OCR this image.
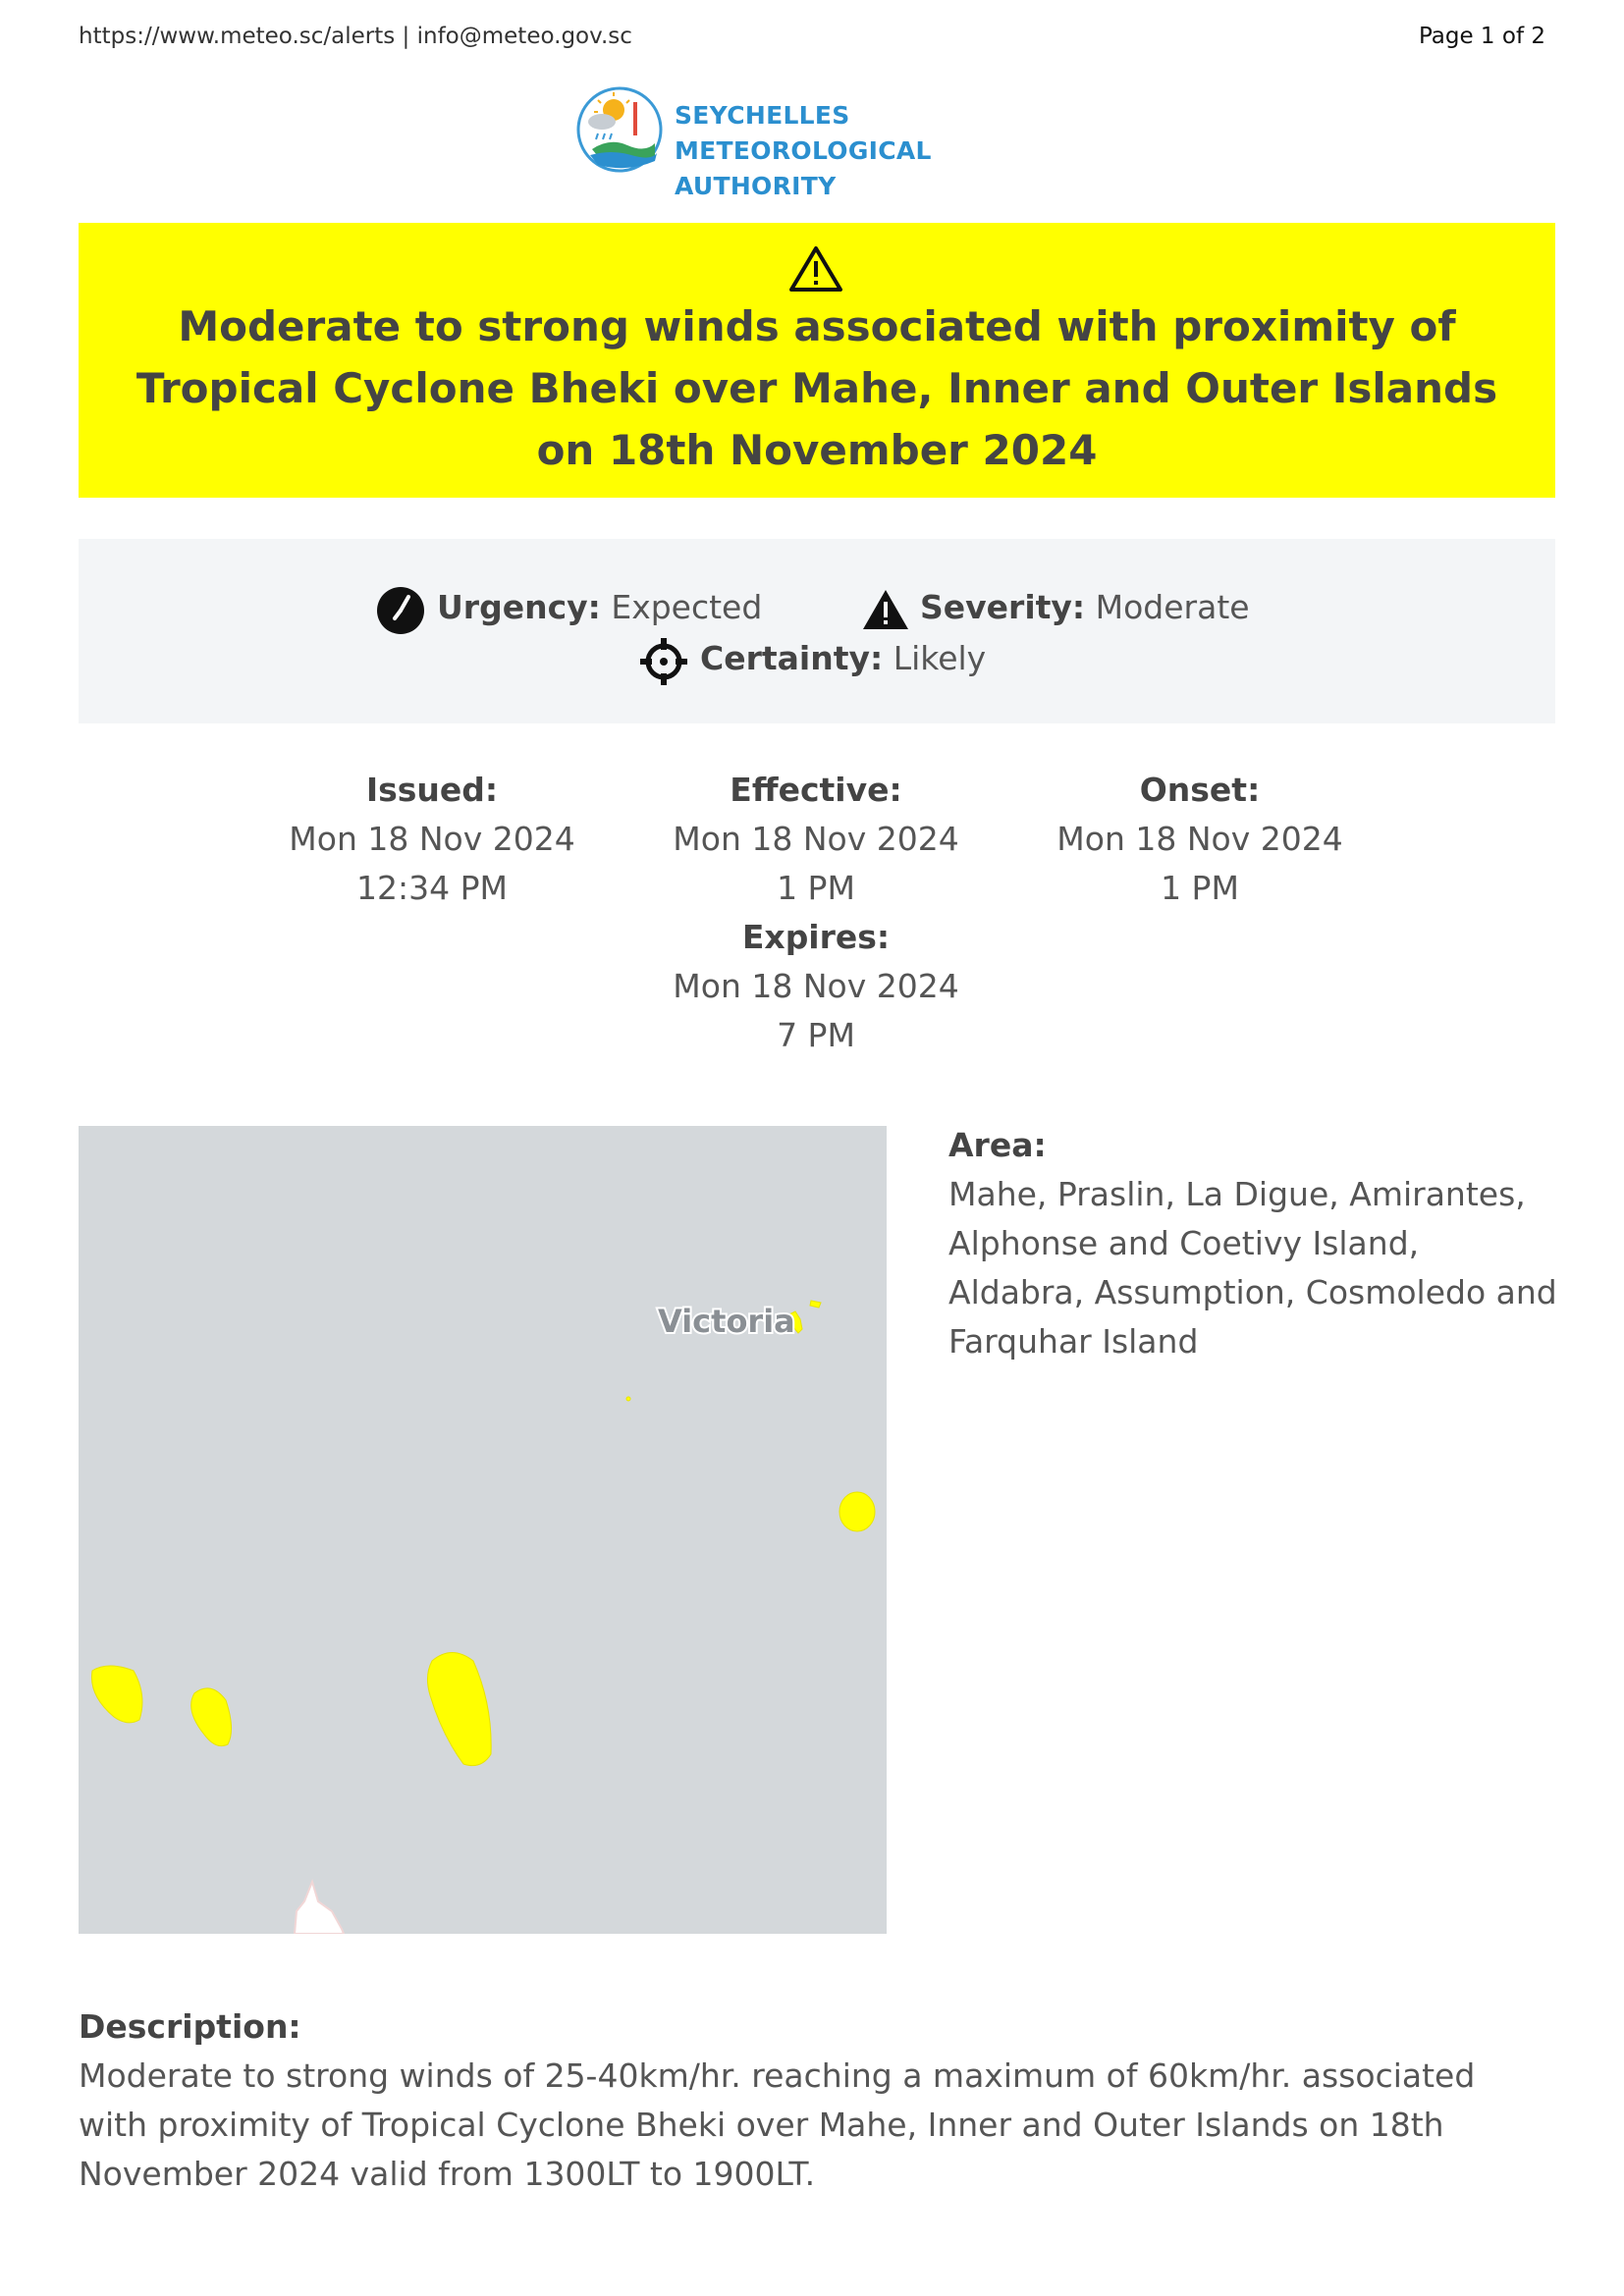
https://www.meteo.sc/alerts | info@meteo.gov.sc	Page 1 of 2
SEYCHELLES METEOROLOGICAL
AUTHORITY
Moderate to strong winds associated with proximity of Tropical Cyclone Bheki over Mahe, Inner and Outer Islands on 18th November 2024
Urgency: Expected	Severity: Moderate
Certainty: Likely
Issued:
Mon 18 Nov 2024
12:34 PM
Effective:
Mon 18 Nov 2024
1 PM
Expires:
Mon 18 Nov 2024
7 PM
Onset:
Mon 18 Nov 2024
1 PM
Victoria
Area:
Mahe, Praslin, La Digue, Amirantes, Alphonse and Coetivy Island, Aldabra, Assumption, Cosmoledo and Farquhar Island
Description:
Moderate to strong winds of 25-40km/hr. reaching a maximum of 60km/hr. associated with proximity of Tropical Cyclone Bheki over Mahe, Inner and Outer Islands on 18th November 2024 valid from 1300LT to 1900LT.
